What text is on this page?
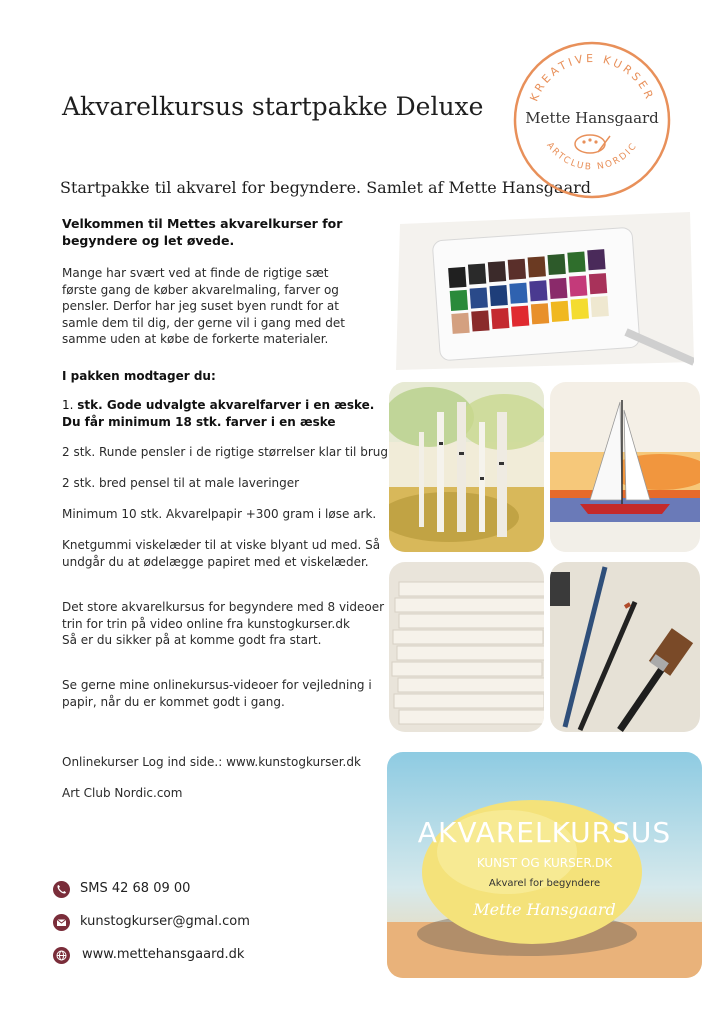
Akvarelkursus startpakke Deluxe
Startpakke til akvarel for begyndere. Samlet af Mette Hansgaard
KREATIVE KURSER
ARTCLUB NORDIC
Mette Hansgaard
Velkommen til Mettes akvarelkurser for
begyndere og let øvede.
Mange har svært ved at finde de rigtige sæt
første gang de køber akvarelmaling, farver og
pensler. Derfor har jeg suset byen rundt for at
samle dem til dig, der gerne vil i gang med det
samme uden at købe de forkerte materialer.
I pakken modtager du:
1. stk. Gode udvalgte akvarelfarver i en æske.
Du får minimum 18 stk. farver i en æske
2 stk. Runde pensler i de rigtige størrelser klar til brug
2 stk. bred pensel til at male laveringer
Minimum 10 stk. Akvarelpapir +300 gram i løse ark.
Knetgummi viskelæder til at viske blyant ud med. Så
undgår du at ødelægge papiret med et viskelæder.
Det store akvarelkursus for begyndere med 8 videoer
trin for trin på video online fra kunstogkurser.dk
Så er du sikker på at komme godt fra start.
Se gerne mine onlinekursus-videoer for vejledning i
papir, når du er kommet godt i gang.
Onlinekurser Log ind side.: www.kunstogkurser.dk
Art Club Nordic.com
SMS 42 68 09 00
kunstogkurser@gmal.com
www.mettehansgaard.dk
AKVARELKURSUS
KUNST OG KURSER.DK
Akvarel for begyndere
Mette Hansgaard
